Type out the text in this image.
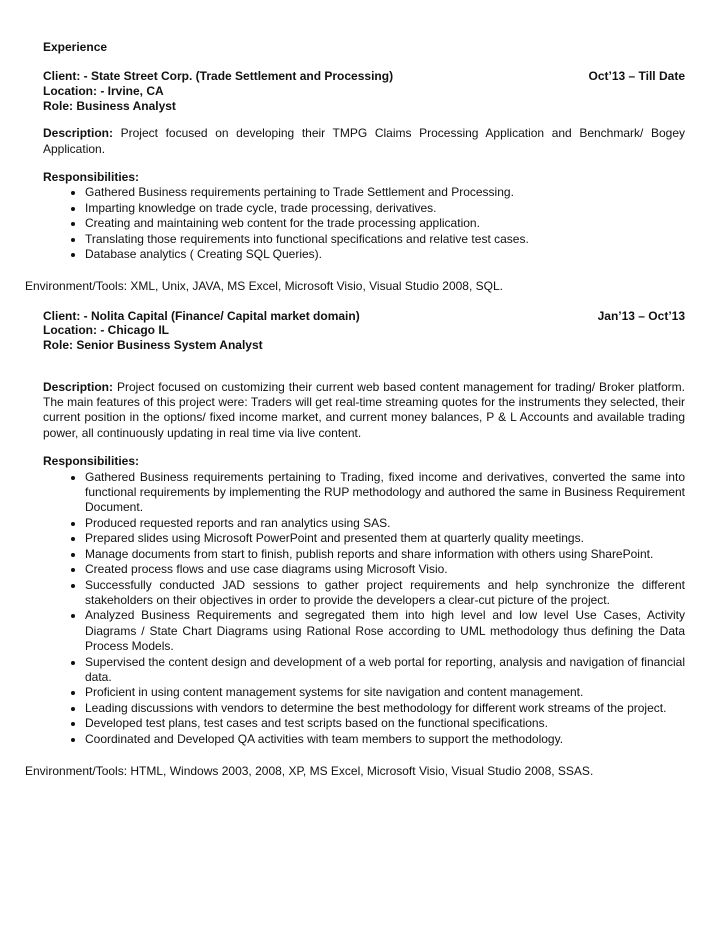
Experience
Client: - State Street Corp. (Trade Settlement and Processing)	Oct’13 – Till Date
Location: - Irvine, CA
Role: Business Analyst

Description: Project focused on developing their TMPG Claims Processing Application and Benchmark/ Bogey Application.

Responsibilities:
• Gathered Business requirements pertaining to Trade Settlement and Processing.
• Imparting knowledge on trade cycle, trade processing, derivatives.
• Creating and maintaining web content for the trade processing application.
• Translating those requirements into functional specifications and relative test cases.
• Database analytics ( Creating SQL Queries).

Environment/Tools: XML, Unix, JAVA, MS Excel, Microsoft Visio, Visual Studio 2008, SQL.

Client: - Nolita Capital (Finance/ Capital market domain)	Jan’13 – Oct’13
Location: - Chicago IL
Role: Senior Business System Analyst

Description: Project focused on customizing their current web based content management for trading/ Broker platform. The main features of this project were: Traders will get real-time streaming quotes for the instruments they selected, their current position in the options/ fixed income market, and current money balances, P & L Accounts and available trading power, all continuously updating in real time via live content.

Responsibilities:
• Gathered Business requirements pertaining to Trading, fixed income and derivatives, converted the same into functional requirements by implementing the RUP methodology and authored the same in Business Requirement Document.
• Produced requested reports and ran analytics using SAS.
• Prepared slides using Microsoft PowerPoint and presented them at quarterly quality meetings.
• Manage documents from start to finish, publish reports and share information with others using SharePoint.
• Created process flows and use case diagrams using Microsoft Visio.
• Successfully conducted JAD sessions to gather project requirements and help synchronize the different stakeholders on their objectives in order to provide the developers a clear-cut picture of the project.
• Analyzed Business Requirements and segregated them into high level and low level Use Cases, Activity Diagrams / State Chart Diagrams using Rational Rose according to UML methodology thus defining the Data Process Models.
• Supervised the content design and development of a web portal for reporting, analysis and navigation of financial data.
• Proficient in using content management systems for site navigation and content management.
• Leading discussions with vendors to determine the best methodology for different work streams of the project.
• Developed test plans, test cases and test scripts based on the functional specifications.
• Coordinated and Developed QA activities with team members to support the methodology.

Environment/Tools: HTML, Windows 2003, 2008, XP, MS Excel, Microsoft Visio, Visual Studio 2008, SSAS.
